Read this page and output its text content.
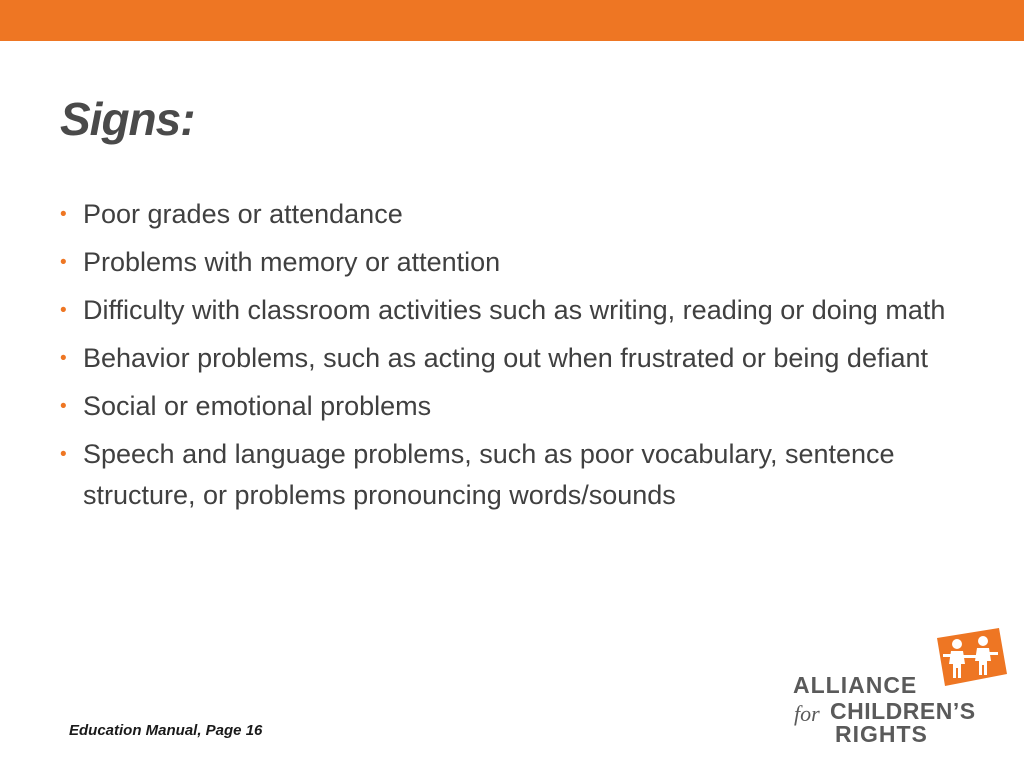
Signs:
• Poor grades or attendance
• Problems with memory or attention
• Difficulty with classroom activities such as writing, reading or doing math
• Behavior problems, such as acting out when frustrated or being defiant
• Social or emotional problems
• Speech and language problems, such as poor vocabulary, sentence structure, or problems pronouncing words/sounds
Education Manual, Page 16
ALLIANCE
for CHILDREN’S
RIGHTS
